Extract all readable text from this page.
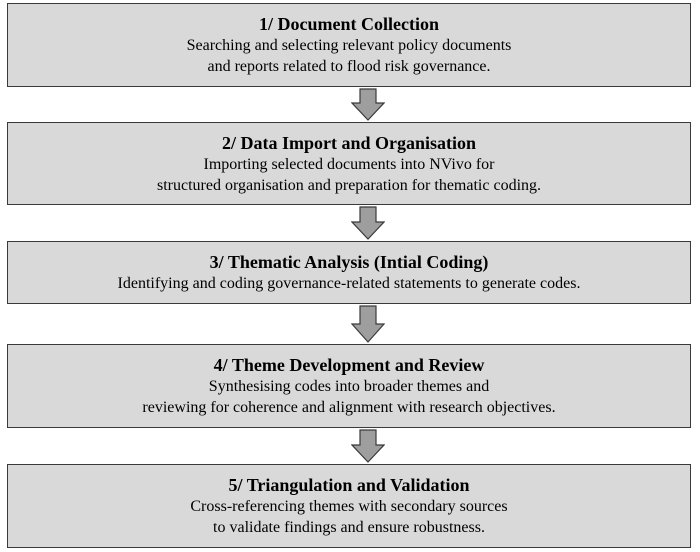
1/ Document Collection
Searching and selecting relevant policy documents
and reports related to flood risk governance.
2/ Data Import and Organisation
Importing selected documents into NVivo for
structured organisation and preparation for thematic coding.
3/ Thematic Analysis (Intial Coding)
Identifying and coding governance-related statements to generate codes.
4/ Theme Development and Review
Synthesising codes into broader themes and
reviewing for coherence and alignment with research objectives.
5/ Triangulation and Validation
Cross-referencing themes with secondary sources
to validate findings and ensure robustness.
